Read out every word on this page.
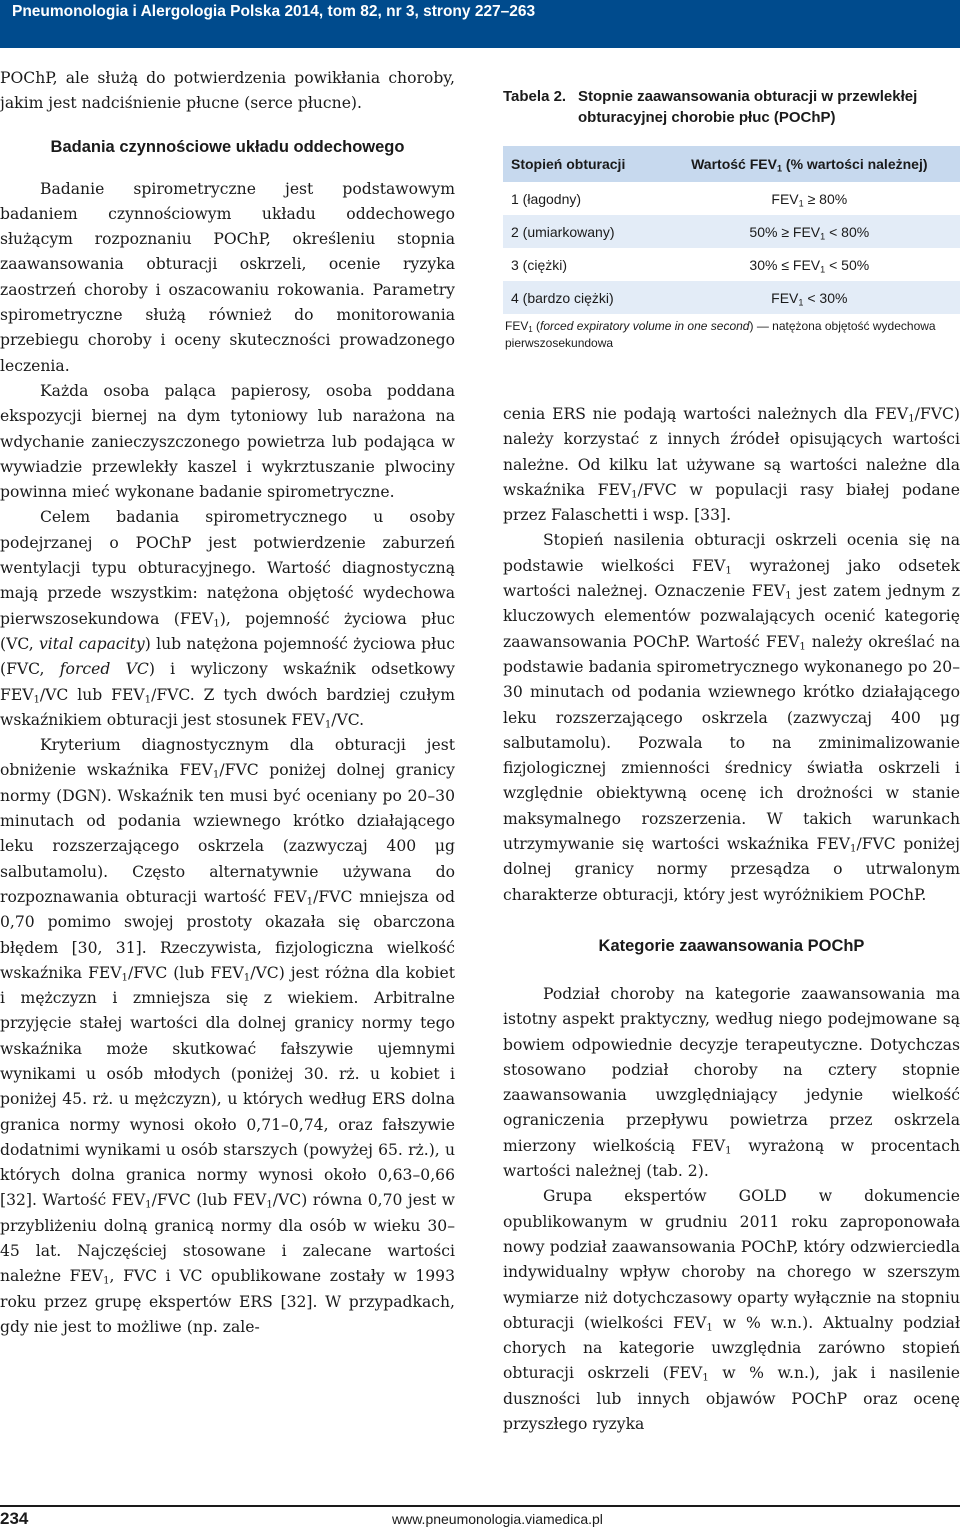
Pneumonologia i Alergologia Polska 2014, tom 82, nr 3, strony 227–263

POChP, ale służą do potwierdzenia powikłania choroby, jakim jest nadciśnienie płucne (serce płucne).

Badania czynnościowe układu oddechowego

Badanie spirometryczne jest podstawowym badaniem czynnościowym układu oddechowego służącym rozpoznaniu POChP, określeniu stopnia zaawansowania obturacji oskrzeli, ocenie ryzyka zaostrzeń choroby i oszacowaniu rokowania. Parametry spirometryczne służą również do monitorowania przebiegu choroby i oceny skuteczności prowadzonego leczenia.

Każda osoba paląca papierosy, osoba poddana ekspozycji biernej na dym tytoniowy lub narażona na wdychanie zanieczyszczonego powietrza lub podająca w wywiadzie przewlekły kaszel i wykrztuszanie plwociny powinna mieć wykonane badanie spirometryczne.

Celem badania spirometrycznego u osoby podejrzanej o POChP jest potwierdzenie zaburzeń wentylacji typu obturacyjnego. Wartość diagnostyczną mają przede wszystkim: natężona objętość wydechowa pierwszosekundowa $(FEV_1)$, pojemność życiowa płuc (VC, vital capacity) lub natężona pojemność życiowa płuc (FVC, forced VC) i wyliczony wskaźnik odsetkowy $FEV_1/VC$ lub $FEV_1$/FVC. Z tych dwóch bardziej czułym wskaźnikiem obturacji jest stosunek $FEV_1/VC$.

Kryterium diagnostycznym dla obturacji jest obniżenie wskaźnika $FEV_1$/FVC poniżej dolnej granicy normy (DGN). Wskaźnik ten musi być oceniany po 20–30 minutach od podania wziewnego krótko działającego leku rozszerzającego oskrzela (zazwyczaj 400 μg salbutamolu). Często alternatywnie używana do rozpoznawania obturacji wartość $FEV_1$/FVC mniejsza od 0,70 pomimo swojej prostoty okazała się obarczona błędem [30, 31]. Rzeczywista, fizjologiczna wielkość wskaźnika $FEV_1$/FVC (lub $FEV_1/VC$) jest różna dla kobiet i mężczyzn i zmniejsza się z wiekiem. Arbitralne przyjęcie stałej wartości dla dolnej granicy normy tego wskaźnika może skutkować fałszywie ujemnymi wynikami u osób młodych (poniżej 30. rż. u kobiet i poniżej 45. rż. u mężczyzn), u których według ERS dolna granica normy wynosi około 0,71–0,74, oraz fałszywie dodatnimi wynikami u osób starszych (powyżej 65. rż.), u których dolna granica normy wynosi około 0,63–0,66 [32]. Wartość $FEV_1$/FVC (lub $FEV_1/VC$) równa 0,70 jest w przybliżeniu dolną granicą normy dla osób w wieku 30–45 lat. Najczęściej stosowane i zalecane wartości należne $FEV_1$, FVC i VC opublikowane zostały w 1993 roku przez grupę ekspertów ERS [32]. W przypadkach, gdy nie jest to możliwe (np. zale-

Tabela 2. Stopnie zaawansowania obturacji w przewlekłej obturacyjnej chorobie płuc (POChP)
Stopień obturacji	Wartość $FEV_1$ (% wartości należnej)
1 (łagodny)	$FEV_1 \ge 80\%$
2 (umiarkowany)	$50\% \ge FEV_1 < 80\%$
3 (ciężki)	$30\% \le FEV_1 < 50\%$
4 (bardzo ciężki)	$FEV_1 < 30\%$
$FEV_1$ (forced expiratory volume in one second) — natężona objętość wydechowa pierwszosekundowa

cenia ERS nie podają wartości należnych dla $FEV_1/FVC$) należy korzystać z innych źródeł opisujących wartości należne. Od kilku lat używane są wartości należne dla wskaźnika $FEV_1$/FVC w populacji rasy białej podane przez Falaschetti i wsp. [33].

Stopień nasilenia obturacji oskrzeli ocenia się na podstawie wielkości $FEV_1$ wyrażonej jako odsetek wartości należnej. Oznaczenie $FEV_1$ jest zatem jednym z kluczowych elementów pozwalających ocenić kategorię zaawansowania POChP. Wartość $FEV_1$ należy określać na podstawie badania spirometrycznego wykonanego po 20–30 minutach od podania wziewnego krótko działającego leku rozszerzającego oskrzela (zazwyczaj 400 μg salbutamolu). Pozwala to na zminimalizowanie fizjologicznej zmienności średnicy światła oskrzeli i względnie obiektywną ocenę ich drożności w stanie maksymalnego rozszerzenia. W takich warunkach utrzymywanie się wartości wskaźnika $FEV_1$/FVC poniżej dolnej granicy normy przesądza o utrwalonym charakterze obturacji, który jest wyróżnikiem POChP.

Kategorie zaawansowania POChP

Podział choroby na kategorie zaawansowania ma istotny aspekt praktyczny, według niego podejmowane są bowiem odpowiednie decyzje terapeutyczne. Dotychczas stosowano podział choroby na cztery stopnie zaawansowania uwzględniający jedynie wielkość ograniczenia przepływu powietrza przez oskrzela mierzony wielkością $FEV_1$ wyrażoną w procentach wartości należnej (tab. 2).

Grupa ekspertów GOLD w dokumencie opublikowanym w grudniu 2011 roku zaproponowała nowy podział zaawansowania POChP, który odzwierciedla indywidualny wpływ choroby na chorego w szerszym wymiarze niż dotychczasowy oparty wyłącznie na stopniu obturacji (wielkości $FEV_1$ w % w.n.). Aktualny podział chorych na kategorie uwzględnia zarówno stopień obturacji oskrzeli ($FEV_1$ w % w.n.), jak i nasilenie duszności lub innych objawów POChP oraz ocenę przyszłego ryzyka

234	www.pneumonologia.viamedica.pl
